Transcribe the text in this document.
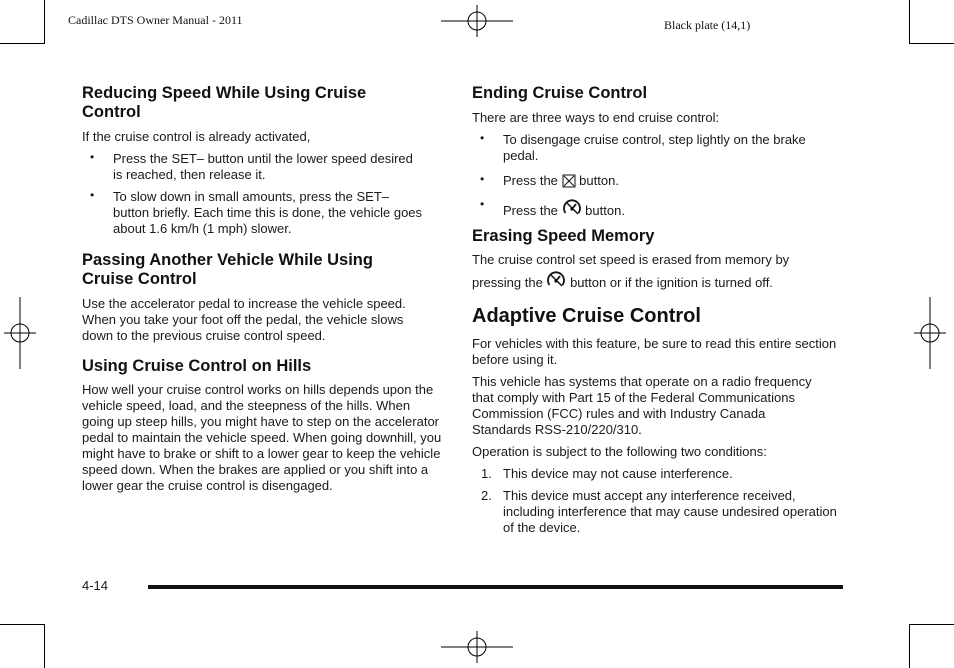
Cadillac DTS Owner Manual - 2011	Black plate (14,1)
Reducing Speed While Using Cruise Control

If the cruise control is already activated,

• Press the SET– button until the lower speed desired is reached, then release it.
• To slow down in small amounts, press the SET– button briefly. Each time this is done, the vehicle goes about 1.6 km/h (1 mph) slower.
Passing Another Vehicle While Using Cruise Control

Use the accelerator pedal to increase the vehicle speed. When you take your foot off the pedal, the vehicle slows down to the previous cruise control speed.

Using Cruise Control on Hills

How well your cruise control works on hills depends upon the vehicle speed, load, and the steepness of the hills. When going up steep hills, you might have to step on the accelerator pedal to maintain the vehicle speed. When going downhill, you might have to brake or shift to a lower gear to keep the vehicle speed down. When the brakes are applied or you shift into a lower gear the cruise control is disengaged.

Ending Cruise Control

There are three ways to end cruise control:

• To disengage cruise control, step lightly on the brake pedal.
• Press the button.
• Press the button.
Erasing Speed Memory

The cruise control set speed is erased from memory by

pressing the button or if the ignition is turned off.

Adaptive Cruise Control

For vehicles with this feature, be sure to read this entire section before using it.

This vehicle has systems that operate on a radio frequency that comply with Part 15 of the Federal Communications Commission (FCC) rules and with Industry Canada Standards RSS-210/220/310.

Operation is subject to the following two conditions:

1. This device may not cause interference.
2. This device must accept any interference received, including interference that may cause undesired operation of the device.
4-14
